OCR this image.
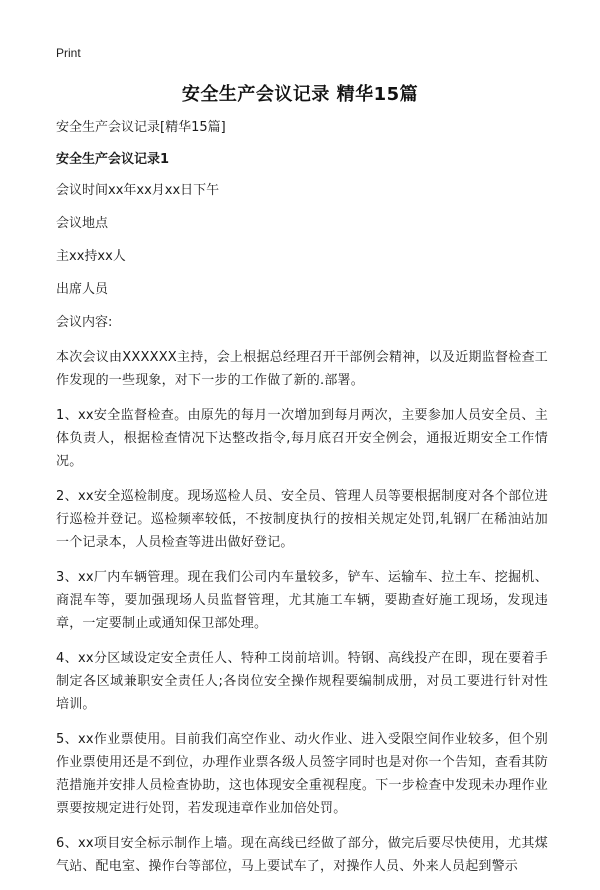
Print
安全生产会议记录 精华15篇

安全生产会议记录[精华15篇]

安全生产会议记录1

会议时间xx年xx月xx日下午

会议地点

主xx持xx人

出席人员

会议内容:

本次会议由XXXXXX主持，会上根据总经理召开干部例会精神，以及近期监督检查工作发现的一些现象，对下一步的工作做了新的.部署。

1、xx安全监督检查。由原先的每月一次增加到每月两次，主要参加人员安全员、主体负责人，根据检查情况下达整改指令,每月底召开安全例会，通报近期安全工作情况。

2、xx安全巡检制度。现场巡检人员、安全员、管理人员等要根据制度对各个部位进行巡检并登记。巡检频率较低，不按制度执行的按相关规定处罚,轧钢厂在稀油站加一个记录本，人员检查等进出做好登记。

3、xx厂内车辆管理。现在我们公司内车量较多，铲车、运输车、拉土车、挖掘机、商混车等，要加强现场人员监督管理，尤其施工车辆，要勘查好施工现场，发现违章，一定要制止或通知保卫部处理。

4、xx分区域设定安全责任人、特种工岗前培训。特钢、高线投产在即，现在要着手制定各区域兼职安全责任人;各岗位安全操作规程要编制成册，对员工要进行针对性培训。

5、xx作业票使用。目前我们高空作业、动火作业、进入受限空间作业较多，但个别作业票使用还是不到位，办理作业票各级人员签字同时也是对你一个告知，查看其防范措施并安排人员检查协助，这也体现安全重视程度。下一步检查中发现未办理作业票要按规定进行处罚，若发现违章作业加倍处罚。

6、xx项目安全标示制作上墙。现在高线已经做了部分，做完后要尽快使用，尤其煤气站、配电室、操作台等部位，马上要试车了，对操作人员、外来人员起到警示
